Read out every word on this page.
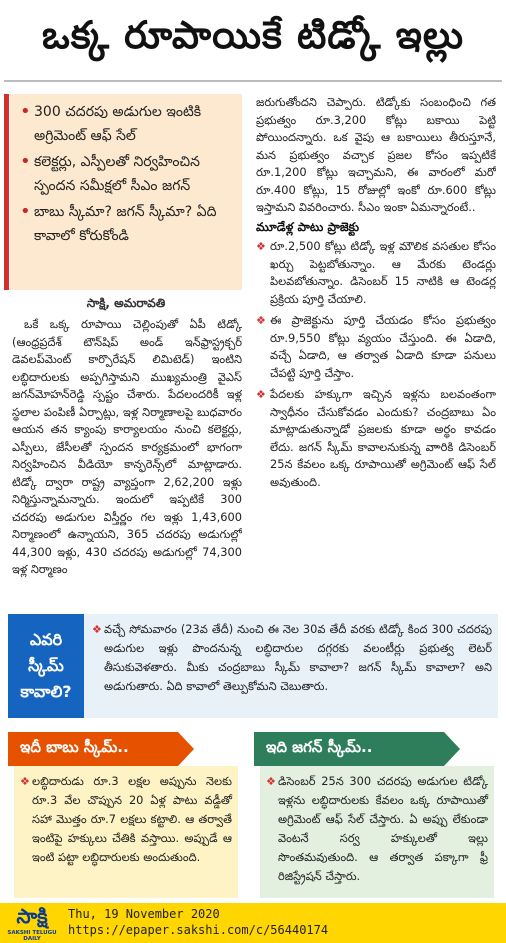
ఒక్క రూపాయికే టిడ్కో ఇల్లు
• 300 చదరపు అడుగుల ఇంటికి అగ్రిమెంట్ ఆఫ్ సేల్
• కలెక్టర్లు, ఎస్పీలతో నిర్వహించిన స్పందన సమీక్షలో సీఎం జగన్
• బాబు స్కీమా? జగన్ స్కీమా? ఏది కావాలో కోరుకోండి
సాక్షి, అమరావతి

ఒకే ఒక్క రూపాయి చెల్లింపుతో ఏపీ టిడ్కో (ఆంధ్రప్రదేశ్ టౌన్‌షిప్ అండ్ ఇన్‌ఫ్రాస్ట్రక్చర్ డెవలప్‌మెంట్ కార్పొరేషన్ లిమిటెడ్) ఇంటిని లబ్ధిదారులకు అప్పగిస్తామని ముఖ్యమంత్రి వైఎస్ జగన్‌మోహన్‌రెడ్డి స్పష్టం చేశారు. పేదలందరికీ ఇళ్ల స్థలాల పంపిణీ ఏర్పాట్లు, ఇళ్ల నిర్మాణాలపై బుధవారం ఆయన తన క్యాంపు కార్యాలయం నుంచి కలెక్టర్లు, ఎస్పీలు, జేసీలతో స్పందన కార్యక్రమంలో భాగంగా నిర్వహించిన వీడియో కాన్ఫరెన్స్‌లో మాట్లాడారు. టిడ్కో ద్వారా రాష్ట్ర వ్యాప్తంగా 2,62,200 ఇళ్లు నిర్మిస్తున్నామన్నారు. ఇందులో ఇప్పటికే 300 చదరపు అడుగుల విస్తీర్ణం గల ఇళ్లు 1,43,600 నిర్మాణంలో ఉన్నాయని, 365 చదరపు అడుగుల్లో 44,300 ఇళ్లు, 430 చదరపు అడుగుల్లో 74,300 ఇళ్ల నిర్మాణం

జరుగుతోందని చెప్పారు. టిడ్కోకు సంబంధించి గత ప్రభుత్వం రూ.3,200 కోట్లు బకాయి పెట్టి పోయిందన్నారు. ఒక వైపు ఆ బకాయిలు తీరుస్తూనే, మన ప్రభుత్వం వచ్చాక ప్రజల కోసం ఇప్పటికే రూ.1,200 కోట్లు ఇచ్చామని, ఈ వారంలో మరో రూ.400 కోట్లు, 15 రోజుల్లో ఇంకో రూ.600 కోట్లు ఇస్తామని వివరించారు. సీఎం ఇంకా ఏమన్నారంటే..

మూడేళ్ల పాటు ప్రాజెక్టు
❖ రూ.2,500 కోట్లు టిడ్కో ఇళ్ల మౌలిక వసతుల కోసం ఖర్చు పెట్టబోతున్నాం. ఆ మేరకు టెండర్లు పిలవబోతున్నాం. డిసెంబర్ 15 నాటికి ఆ టెండర్ల ప్రక్రియ పూర్తి చేయాలి.
❖ ఈ ప్రాజెక్టును పూర్తి చేయడం కోసం ప్రభుత్వం రూ.9,550 కోట్లు వ్యయం చేస్తుంది. ఈ ఏడాది, వచ్చే ఏడాది, ఆ తర్వాత ఏడాది కూడా పనులు చేపట్టి పూర్తి చేస్తాం.
❖ పేదలకు హక్కుగా ఇచ్చిన ఇళ్లను బలవంతంగా స్వాధీనం చేసుకోవడం ఎందుకు? చంద్రబాబు ఏం మాట్లాడుతున్నాడో ప్రజలకు కూడా అర్థం కావడం లేదు. జగన్ స్కీమ్ కావాలనుకున్న వాారికి డిసెంబర్ 25న కేవలం ఒక్క రూపాయితో అగ్రిమెంట్ ఆఫ్ సేల్ అవుతుంది.
ఎవరి స్కీమ్ కావాలి?
❖ వచ్చే సోమవారం (23వ తేదీ) నుంచి ఈ నెల 30వ తేదీ వరకు టిడ్కో కింద 300 చదరపు అడుగుల ఇళ్లు పొందనున్న లబ్ధిదారుల దగ్గరకు వలంటీర్లు ప్రభుత్వ లెటర్ తీసుకువెళతారు. మీకు చంద్రబాబు స్కీమ్ కావాలా? జగన్ స్కీమ్ కావాలా? అని అడుగుతారు. ఏది కావాలో తెల్పుకోమని చెబుతారు.
ఇదీ బాబు స్కీమ్..
❖ లబ్ధిదారుడు రూ.3 లక్షల అప్పును నెలకు రూ.3 వేల చొప్పున 20 ఏళ్ల పాటు వడ్డీతో సహా మొత్తం రూ.7 లక్షలు కట్టాలి. ఆ తర్వాతే ఇంటిపై హక్కులు చేతికి వస్తాయి. అప్పుడే ఆ ఇంటి పట్టా లబ్ధిదారులకు అందుతుంది.
ఇది జగన్ స్కీమ్..
❖ డిసెంబర్ 25న 300 చదరపు అడుగుల టిడ్కో ఇళ్లను లబ్ధిదారులకు కేవలం ఒక్క రూపాయితో అగ్రిమెంట్ ఆఫ్ సేల్ చేస్తారు. ఏ అప్పు లేకుండా వెంటనే సర్వ హక్కులతో ఇల్లు సొంతమవుతుంది. ఆ తర్వాత పక్కాగా ఫ్రీ రిజిస్ట్రేషన్ చేస్తారు.
సాక్షి
SAKSHI TELUGU DAILY
Thu, 19 November 2020
https://epaper.sakshi.com/c/56440174
